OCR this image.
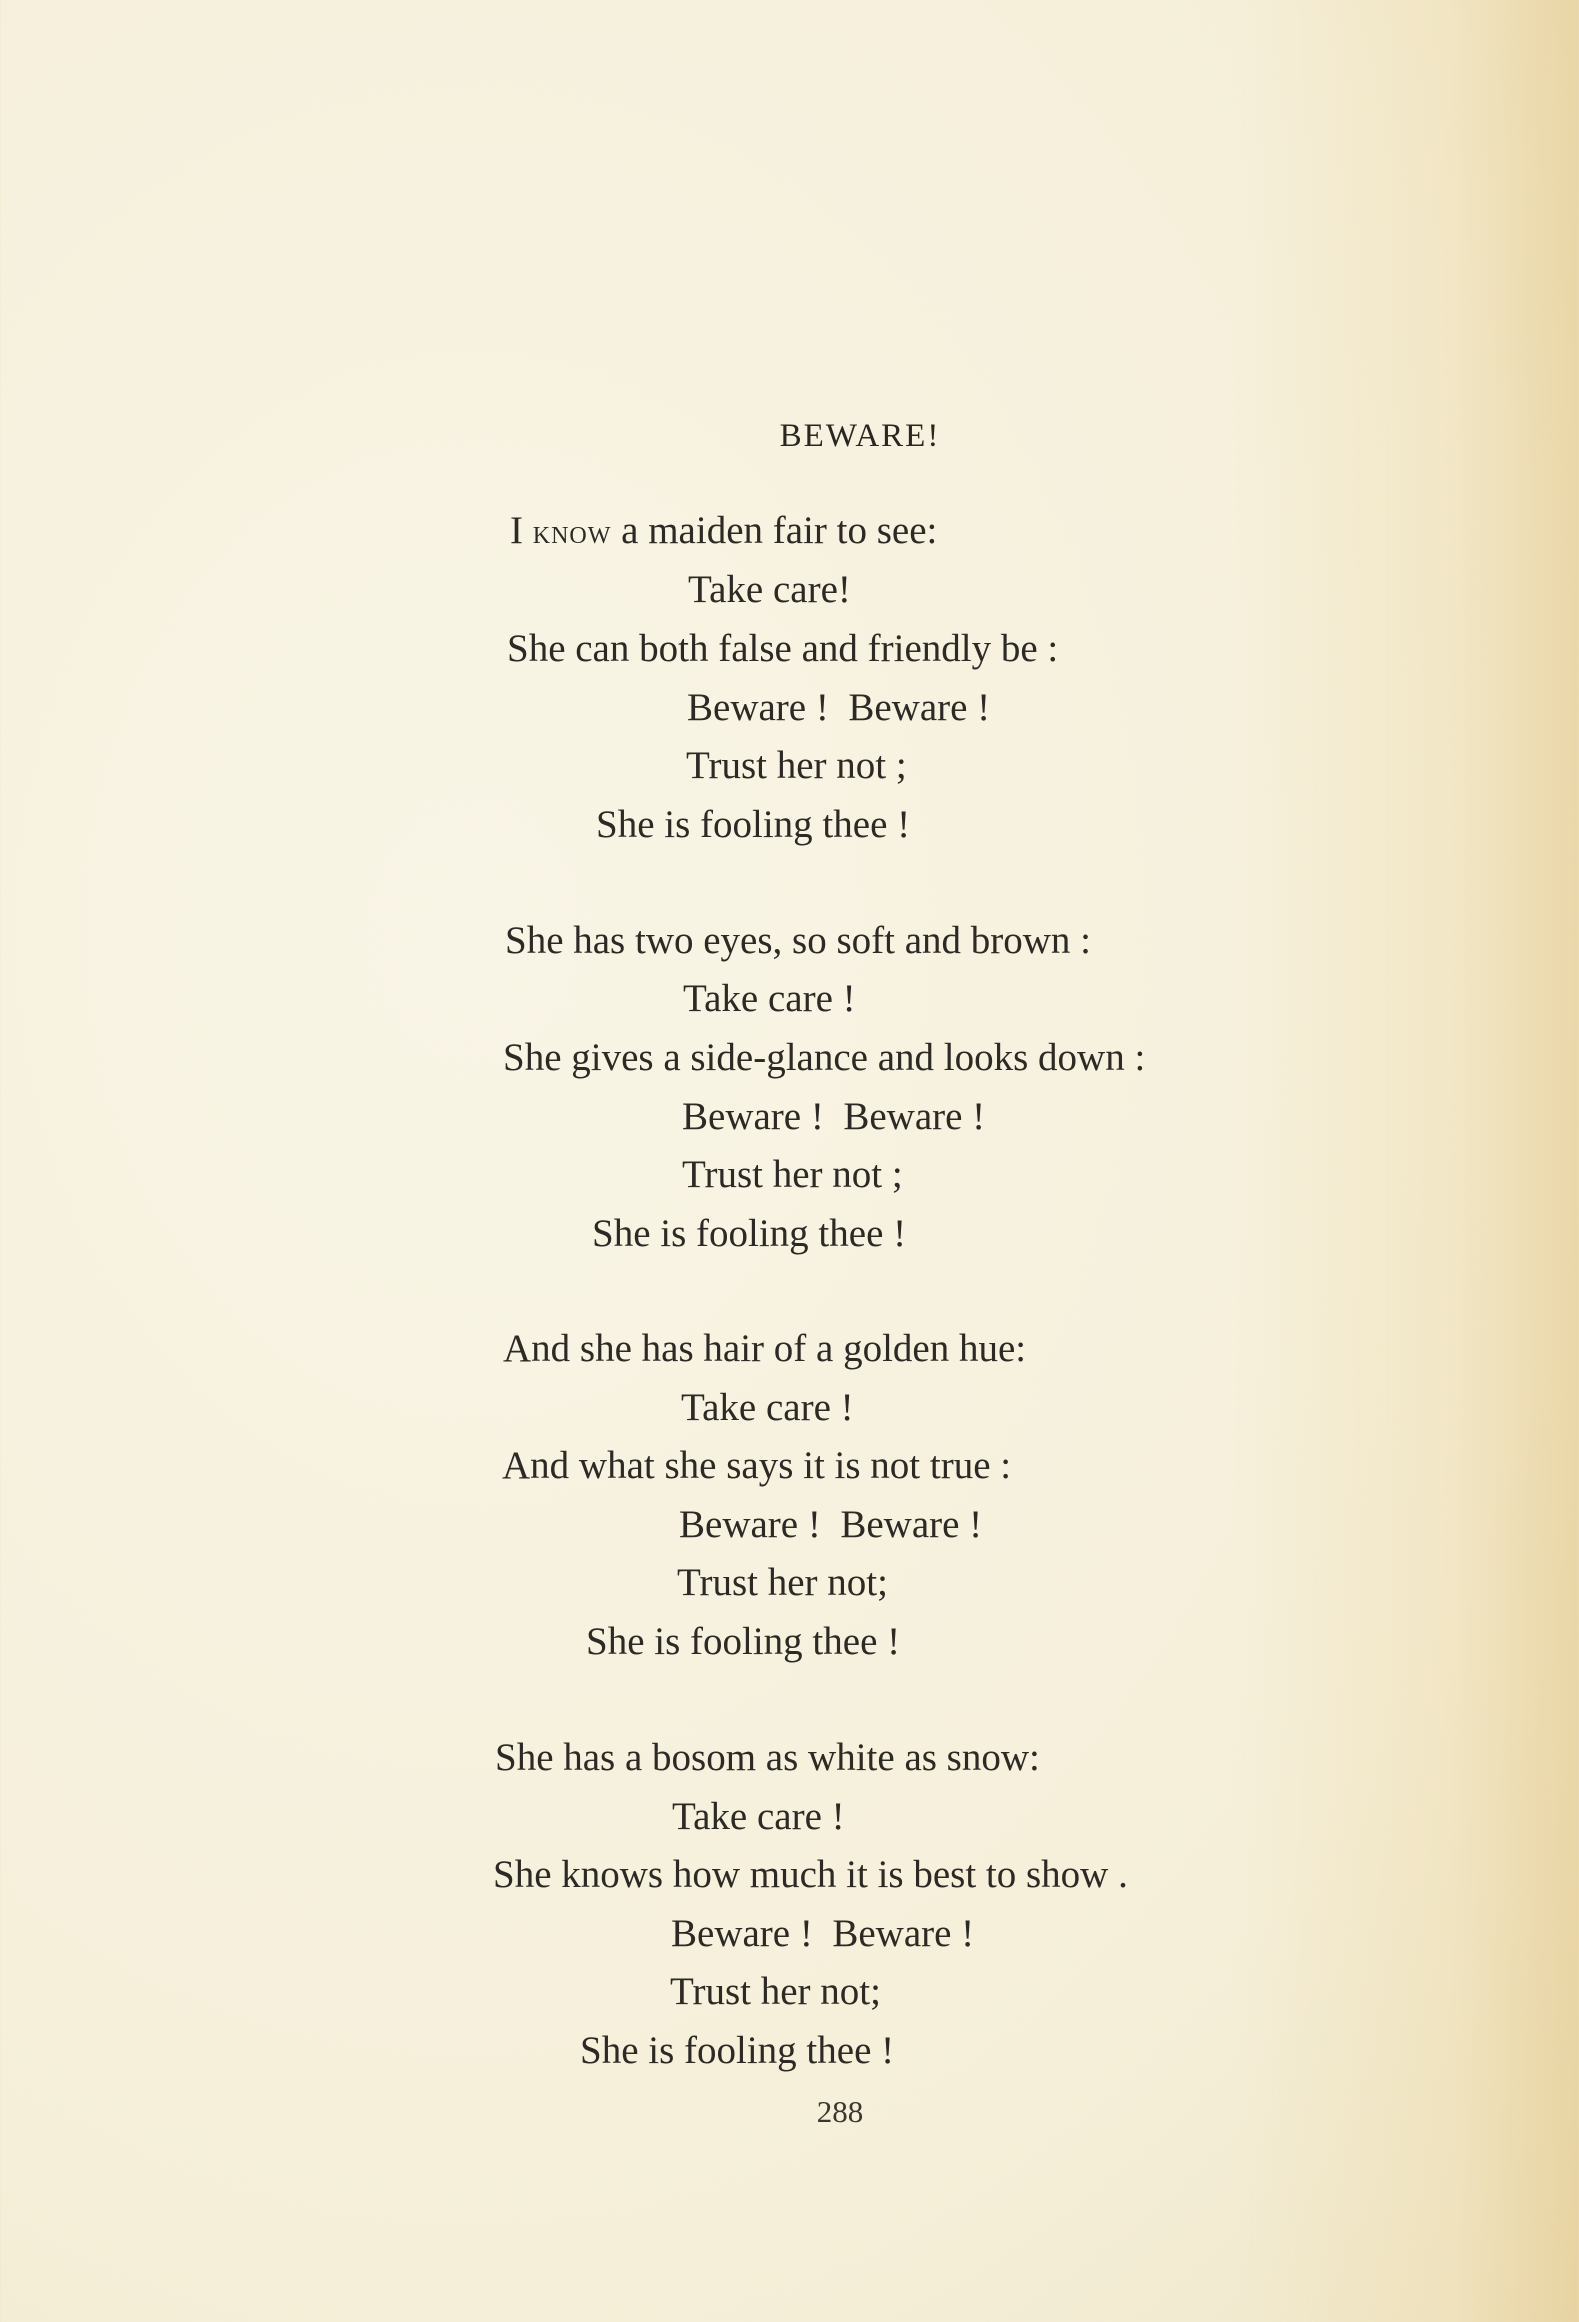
BEWARE!
I know a maiden fair to see:
Take care!
She can both false and friendly be :
Beware !  Beware !
Trust her not ;
She is fooling thee !
She has two eyes, so soft and brown :
Take care !
She gives a side-glance and looks down :
Beware !  Beware !
Trust her not ;
She is fooling thee !
And she has hair of a golden hue:
Take care !
And what she says it is not true :
Beware !  Beware !
Trust her not;
She is fooling thee !
She has a bosom as white as snow:
Take care !
She knows how much it is best to show .
Beware !  Beware !
Trust her not;
She is fooling thee !
288
